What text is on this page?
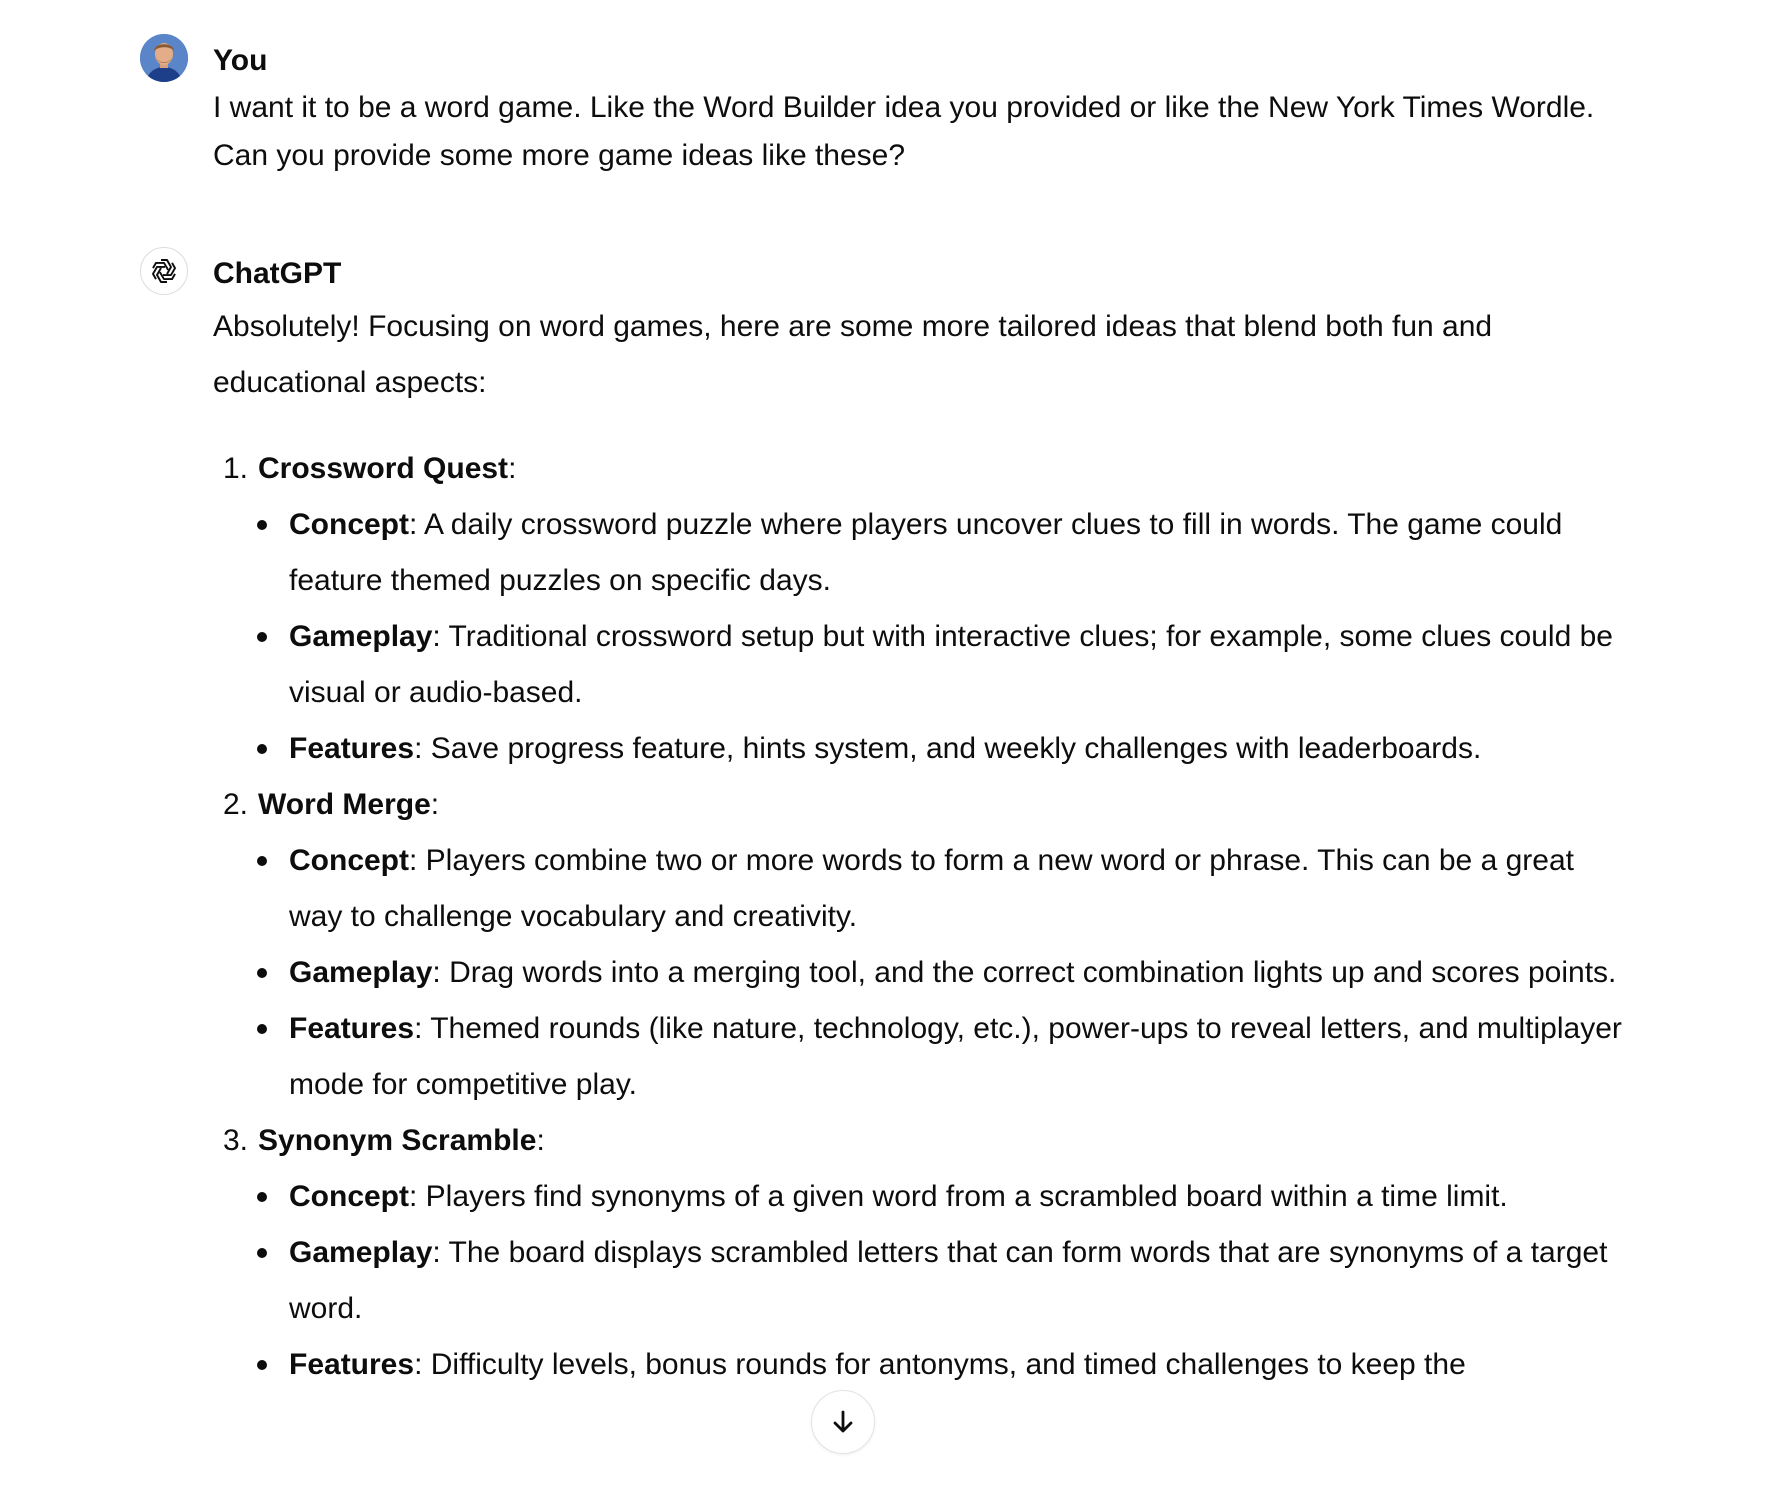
You

I want it to be a word game. Like the Word Builder idea you provided or like the New York Times Wordle. Can you provide some more game ideas like these?

ChatGPT

Absolutely! Focusing on word games, here are some more tailored ideas that blend both fun and educational aspects:

1. Crossword Quest:
Concept: A daily crossword puzzle where players uncover clues to fill in words. The game could feature themed puzzles on specific days.
Gameplay: Traditional crossword setup but with interactive clues; for example, some clues could be visual or audio-based.
Features: Save progress feature, hints system, and weekly challenges with leaderboards.
2. Word Merge:
Concept: Players combine two or more words to form a new word or phrase. This can be a great way to challenge vocabulary and creativity.
Gameplay: Drag words into a merging tool, and the correct combination lights up and scores points.
Features: Themed rounds (like nature, technology, etc.), power-ups to reveal letters, and multiplayer mode for competitive play.
3. Synonym Scramble:
Concept: Players find synonyms of a given word from a scrambled board within a time limit.
Gameplay: The board displays scrambled letters that can form words that are synonyms of a target word.
Features: Difficulty levels, bonus rounds for antonyms, and timed challenges to keep the
